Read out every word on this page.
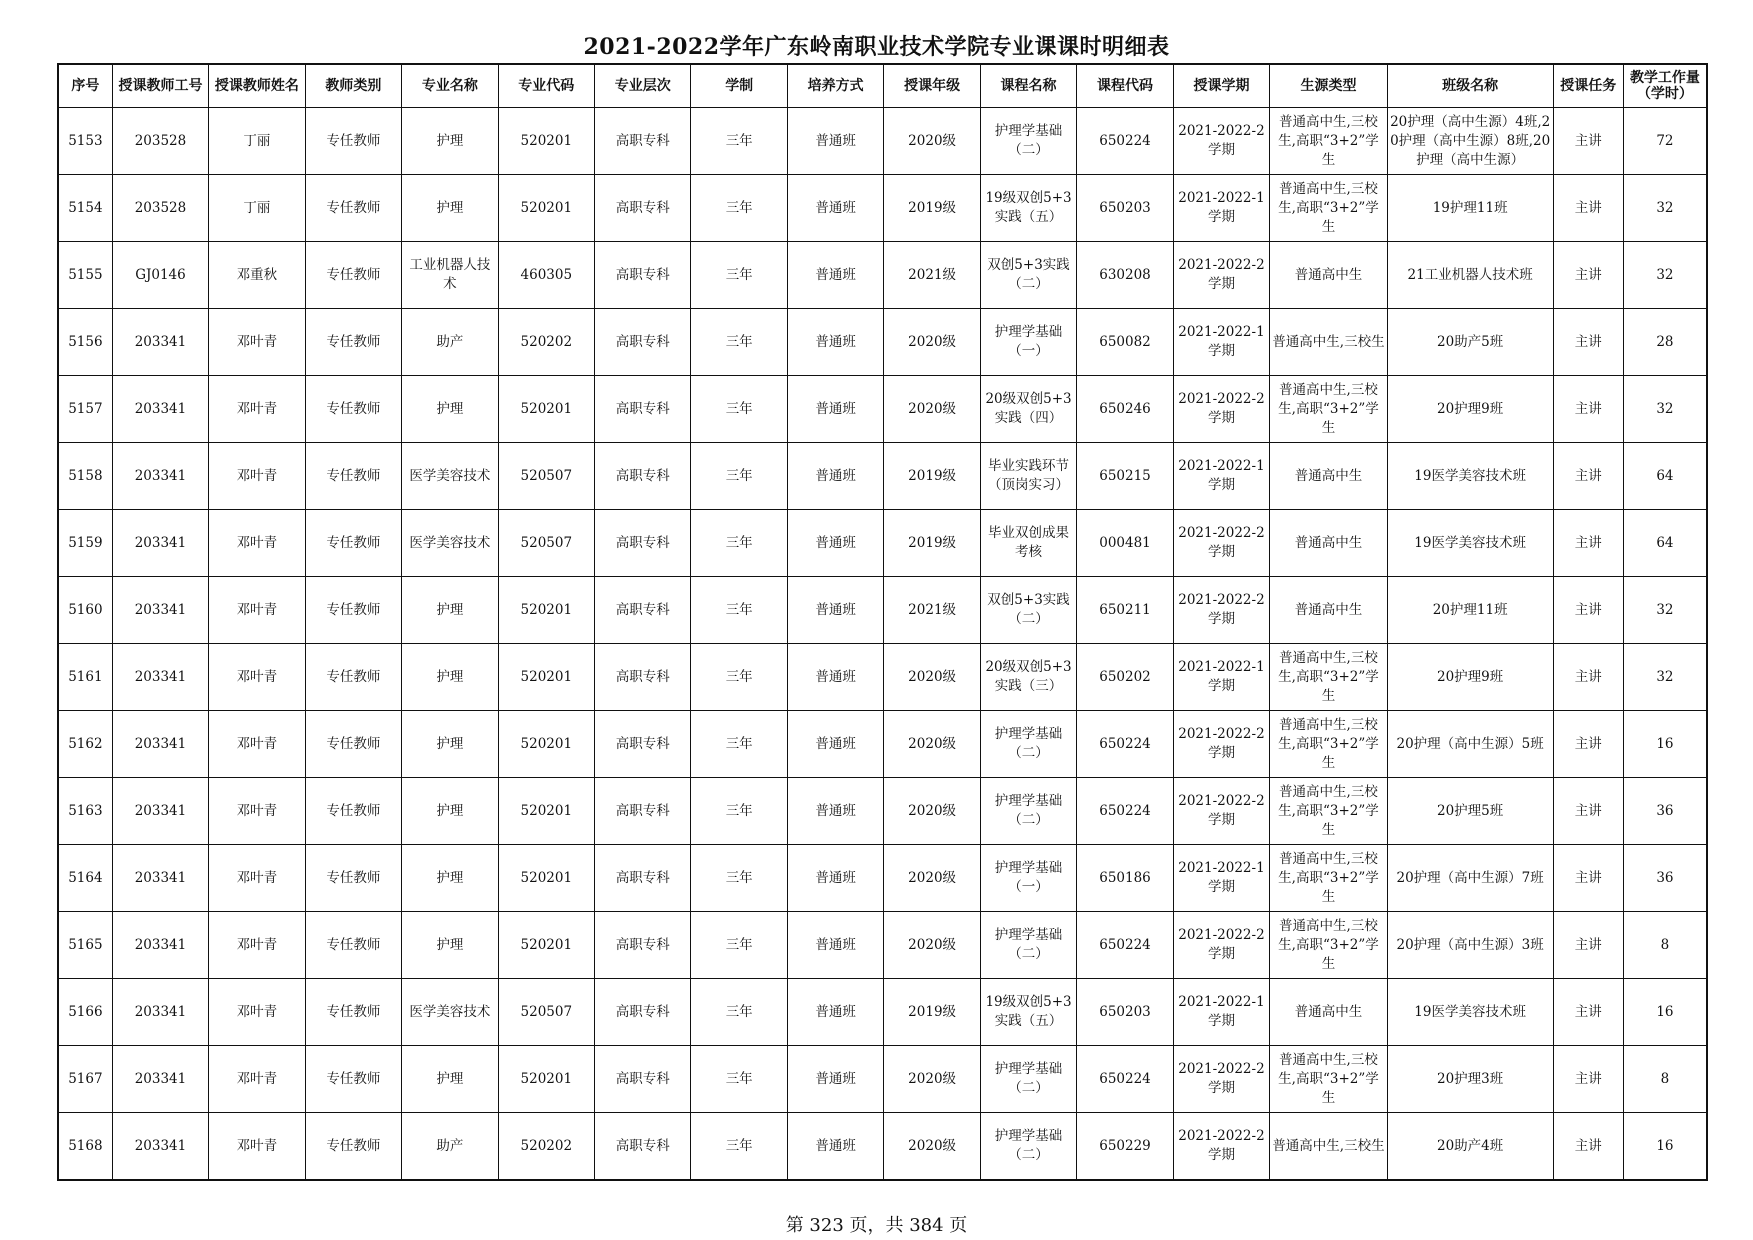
2021-2022学年广东岭南职业技术学院专业课课时明细表
序号	授课教师工号	授课教师姓名	教师类别	专业名称	专业代码	专业层次	学制	培养方式	授课年级	课程名称	课程代码	授课学期	生源类型	班级名称	授课任务	教学工作量（学时）

5153	203528	丁丽	专任教师	护理	520201	高职专科	三年	普通班	2020级	护理学基础（二）	650224	2021-2022-2学期	普通高中生,三校生,高职“3+2”学生	20护理（高中生源）4班,20护理（高中生源）8班,20护理（高中生源）	主讲	72

5154	203528	丁丽	专任教师	护理	520201	高职专科	三年	普通班	2019级	19级双创5+3实践（五）	650203	2021-2022-1学期	普通高中生,三校生,高职“3+2”学生	19护理11班	主讲	32

5155	GJ0146	邓重秋	专任教师	工业机器人技术	460305	高职专科	三年	普通班	2021级	双创5+3实践（二）	630208	2021-2022-2学期	普通高中生	21工业机器人技术班	主讲	32

5156	203341	邓叶青	专任教师	助产	520202	高职专科	三年	普通班	2020级	护理学基础（一）	650082	2021-2022-1学期	普通高中生,三校生	20助产5班	主讲	28

5157	203341	邓叶青	专任教师	护理	520201	高职专科	三年	普通班	2020级	20级双创5+3实践（四）	650246	2021-2022-2学期	普通高中生,三校生,高职“3+2”学生	20护理9班	主讲	32

5158	203341	邓叶青	专任教师	医学美容技术	520507	高职专科	三年	普通班	2019级	毕业实践环节（顶岗实习）	650215	2021-2022-1学期	普通高中生	19医学美容技术班	主讲	64

5159	203341	邓叶青	专任教师	医学美容技术	520507	高职专科	三年	普通班	2019级	毕业双创成果考核	000481	2021-2022-2学期	普通高中生	19医学美容技术班	主讲	64

5160	203341	邓叶青	专任教师	护理	520201	高职专科	三年	普通班	2021级	双创5+3实践（二）	650211	2021-2022-2学期	普通高中生	20护理11班	主讲	32

5161	203341	邓叶青	专任教师	护理	520201	高职专科	三年	普通班	2020级	20级双创5+3实践（三）	650202	2021-2022-1学期	普通高中生,三校生,高职“3+2”学生	20护理9班	主讲	32

5162	203341	邓叶青	专任教师	护理	520201	高职专科	三年	普通班	2020级	护理学基础（二）	650224	2021-2022-2学期	普通高中生,三校生,高职“3+2”学生	20护理（高中生源）5班	主讲	16

5163	203341	邓叶青	专任教师	护理	520201	高职专科	三年	普通班	2020级	护理学基础（二）	650224	2021-2022-2学期	普通高中生,三校生,高职“3+2”学生	20护理5班	主讲	36

5164	203341	邓叶青	专任教师	护理	520201	高职专科	三年	普通班	2020级	护理学基础（一）	650186	2021-2022-1学期	普通高中生,三校生,高职“3+2”学生	20护理（高中生源）7班	主讲	36

5165	203341	邓叶青	专任教师	护理	520201	高职专科	三年	普通班	2020级	护理学基础（二）	650224	2021-2022-2学期	普通高中生,三校生,高职“3+2”学生	20护理（高中生源）3班	主讲	8

5166	203341	邓叶青	专任教师	医学美容技术	520507	高职专科	三年	普通班	2019级	19级双创5+3实践（五）	650203	2021-2022-1学期	普通高中生	19医学美容技术班	主讲	16

5167	203341	邓叶青	专任教师	护理	520201	高职专科	三年	普通班	2020级	护理学基础（二）	650224	2021-2022-2学期	普通高中生,三校生,高职“3+2”学生	20护理3班	主讲	8

5168	203341	邓叶青	专任教师	助产	520202	高职专科	三年	普通班	2020级	护理学基础（二）	650229	2021-2022-2学期	普通高中生,三校生	20助产4班	主讲	16
第 323 页，共 384 页
